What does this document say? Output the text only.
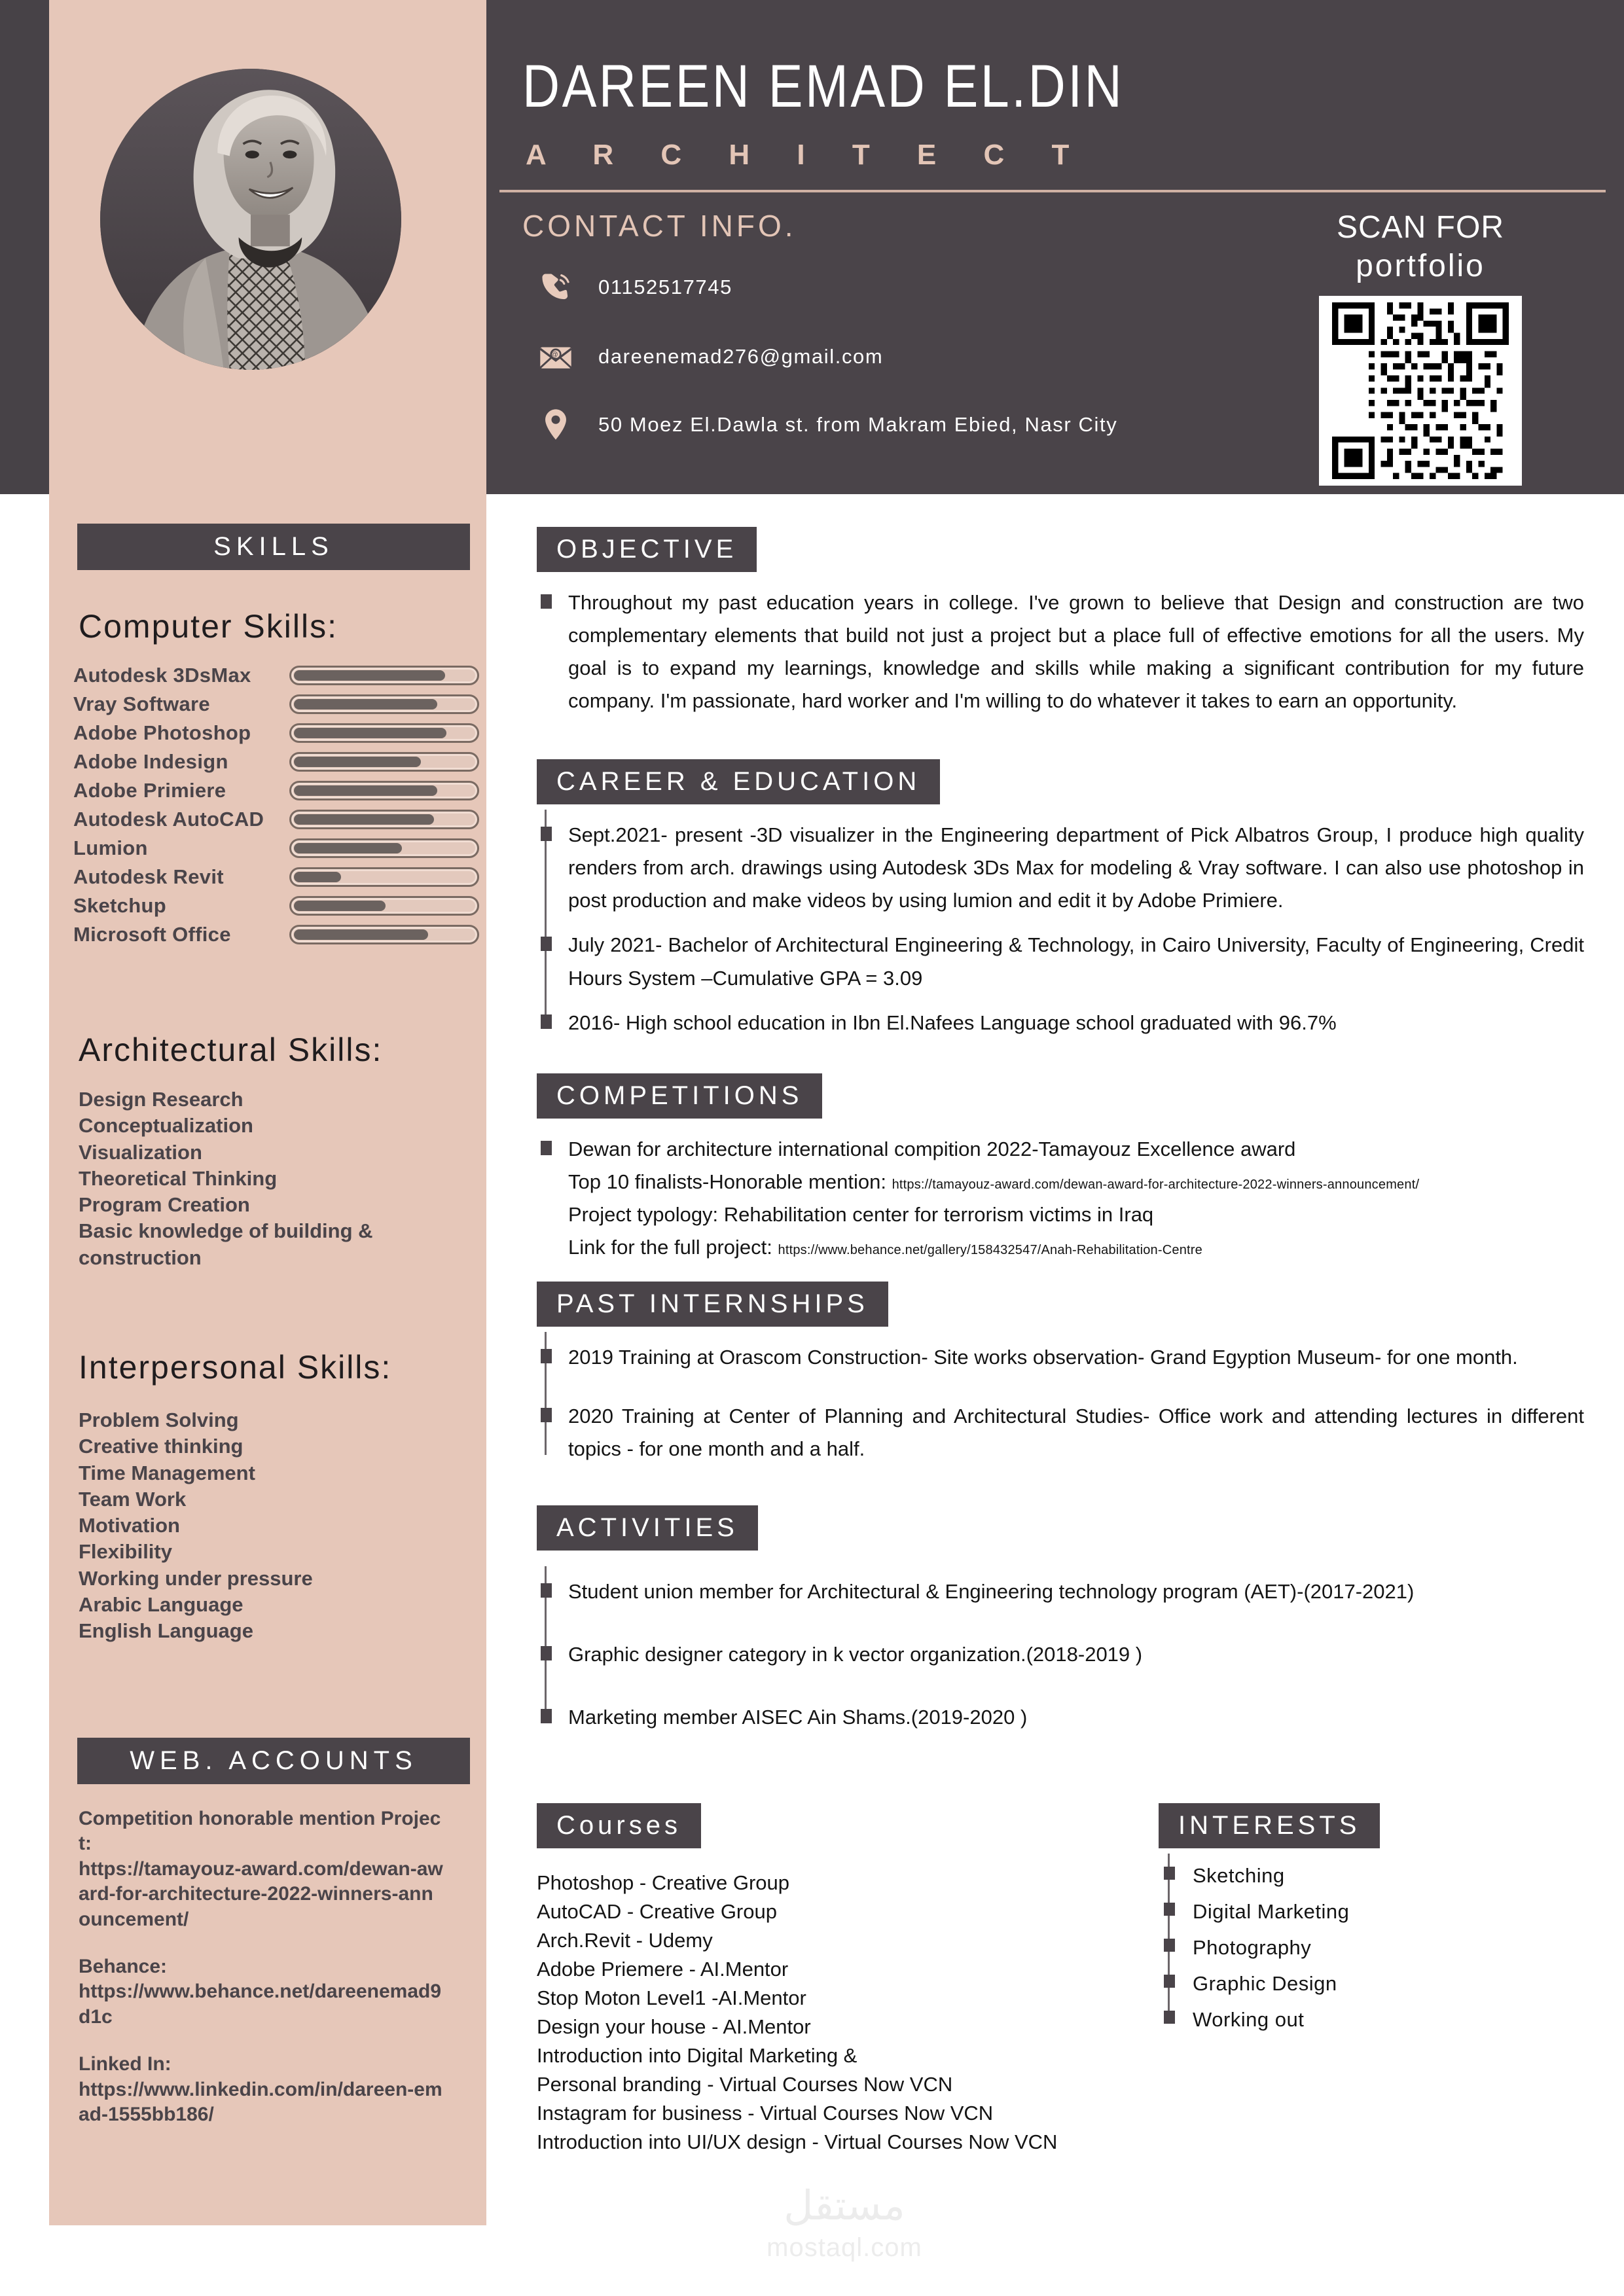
DAREEN EMAD EL.DIN
A R C H I T E C T
CONTACT INFO.
01152517745
@ dareenemad276@gmail.com
50 Moez El.Dawla st. from Makram Ebied, Nasr City
SCAN FOR
portfolio
SKILLS
Computer Skills:
Autodesk 3DsMax
Vray Software
Adobe Photoshop
Adobe Indesign
Adobe Primiere
Autodesk AutoCAD
Lumion
Autodesk Revit
Sketchup
Microsoft Office
Architectural Skills:
Design Research
Conceptualization
Visualization
Theoretical Thinking
Program Creation
Basic knowledge of building & construction
Interpersonal Skills:
Problem Solving
Creative thinking
Time Management
Team Work
Motivation
Flexibility
Working under pressure
Arabic Language
English Language
WEB. ACCOUNTS
Competition honorable mention Project:
https://tamayouz-award.com/dewan-award-for-architecture-2022-winners-announcement/
Behance:
https://www.behance.net/dareenemad9d1c
Linked In:
https://www.linkedin.com/in/dareen-emad-1555bb186/
OBJECTIVE
Throughout my past education years in college. I've grown to believe that Design and construction are two complementary elements that build not just a project but a place full of effective emotions for all the users. My goal is to expand my learnings, knowledge and skills while making a significant contribution for my future company. I'm passionate, hard worker and I'm willing to do whatever it takes to earn an opportunity.
CAREER & EDUCATION
Sept.2021- present -3D visualizer in the Engineering department of Pick Albatros Group, I produce high quality renders from arch. drawings using Autodesk 3Ds Max for modeling & Vray software. I can also use photoshop in post production and make videos by using lumion and edit it by Adobe Primiere.
July 2021- Bachelor of Architectural Engineering & Technology, in Cairo University, Faculty of Engineering, Credit Hours System –Cumulative GPA = 3.09
2016- High school education in Ibn El.Nafees Language school graduated with 96.7%
COMPETITIONS
Dewan for architecture international compition 2022-Tamayouz Excellence award
Top 10 finalists-Honorable mention: https://tamayouz-award.com/dewan-award-for-architecture-2022-winners-announcement/
Project typology: Rehabilitation center for terrorism victims in Iraq
Link for the full project: https://www.behance.net/gallery/158432547/Anah-Rehabilitation-Centre
PAST INTERNSHIPS
2019 Training at Orascom Construction- Site works observation- Grand Egyption Museum- for one month.
2020 Training at Center of Planning and Architectural Studies- Office work and attending lectures in different topics - for one month and a half.
ACTIVITIES
Student union member for Architectural & Engineering technology program (AET)-(2017-2021)
Graphic designer category in k vector organization.(2018-2019 )
Marketing member AISEC Ain Shams.(2019-2020 )
Courses
Photoshop - Creative Group
AutoCAD - Creative Group
Arch.Revit - Udemy
Adobe Priemere - AI.Mentor
Stop Moton Level1 -AI.Mentor
Design your house - AI.Mentor
Introduction into Digital Marketing &
Personal branding - Virtual Courses Now VCN
Instagram for business - Virtual Courses Now VCN
Introduction into UI/UX design - Virtual Courses Now VCN
INTERESTS
Sketching
Digital Marketing
Photography
Graphic Design
Working out
مستقل
mostaql.com
